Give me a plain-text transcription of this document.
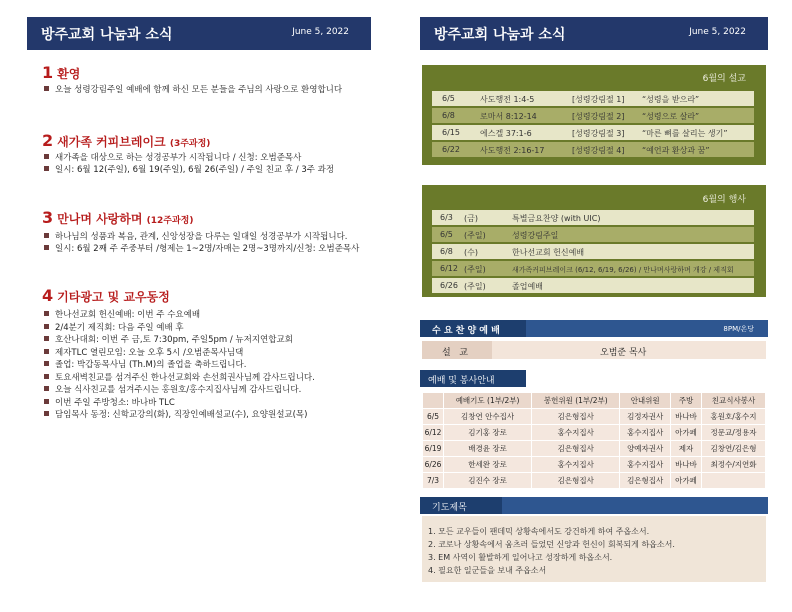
방주교회 나눔과 소식	June 5, 2022
1 환영
오늘 성령강림주일 예배에 함께 하신 모든 분들을 주님의 사랑으로 환영합니다
2 새가족 커피브레이크 (3주과정)
새가족을 대상으로 하는 성경공부가 시작됩니다 / 신청: 오범준목사
일시: 6월 12(주일), 6월 19(주일), 6월 26(주일) / 주일 친교 후 / 3주 과정
3 만나며 사랑하며 (12주과정)
하나님의 성품과 복음, 관계, 신앙성장을 다루는 일대일 성경공부가 시작됩니다.
일시: 6월 2째 주 주중부터 /형제는 1~2명/자매는 2명~3명까지/신청: 오범준목사
4 기타광고 및 교우동정
한나선교회 헌신예배: 이번 주 수요예배
2/4분기 제직회: 다음 주일 예배 후
호산나대회: 이번 주 금,토 7:30pm, 주일5pm / 뉴저지연합교회
제자TLC 열린모임: 오늘 오후 5시 /오범준목사님댁
졸업: 박갑동목사님 (Th.M)의 졸업을 축하드립니다.
토요새벽친교를 섬겨주신 한나선교회와 손선희권사님께 감사드립니다.
오늘 식사친교를 섬겨주시는 홍원호/홍수지집사님께 감사드립니다.
이번 주일 주방청소: 바나바 TLC
담임목사 동정: 신학교강의(화), 직장인예배설교(수), 요양원설교(목)
방주교회 나눔과 소식	June 5, 2022
6월의 설교
6/5	사도행전 1:4-5	[성령강림절 1] “성령을 받으라”
6/8	로마서 8:12-14	[성령강림절 2] “성령으로 살라”
6/15	에스겔 37:1-6	[성령강림절 3] “마른 뼈를 살리는 생기”
6/22	사도행전 2:16-17	[성령강림절 4] “예언과 환상과 꿈”
6월의 행사
6/3 (금)	특별금요찬양 (with UIC)
6/5 (주일)	성령강림주일
6/8 (수)	한나선교회 헌신예배
6/12 (주일)	새가족커피브레이크 (6/12, 6/19, 6/26) / 만나며사랑하며 개강 / 제직회
6/26 (주일)	졸업예배
수 요 찬 양 예 배	8PM/온당
설   교	오범준 목사
예배 및 봉사안내
	예배기도 (1부/2부)	봉헌위원 (1부/2부)	안내위원	주방	친교식사봉사
6/5	김창연 안수집사	김은형집사	김정자권사	바나바	홍원호/홍수지
6/12	김기홍 장로	홍수지집사	홍수지집사	아가페	정문교/정용자
6/19	배경윤 장로	김은형집사	양예자권사	제자	김창연/김은형
6/26	한세완 장로	홍수지집사	홍수지집사	바나바	최정수/지연화
7/3	김진수 장로	김은형집사	김은형집사	아가페	
기도제목
1. 모든 교우들이 팬데믹 상황속에서도 강건하게 하여 주옵소서.
2. 코로나 상황속에서 움츠러 들었던 신앙과 헌신이 회복되게 하옵소서.
3. EM 사역이 활발하게 일어나고 성장하게 하옵소서.
4. 필요한 일군들을 보내 주옵소서
